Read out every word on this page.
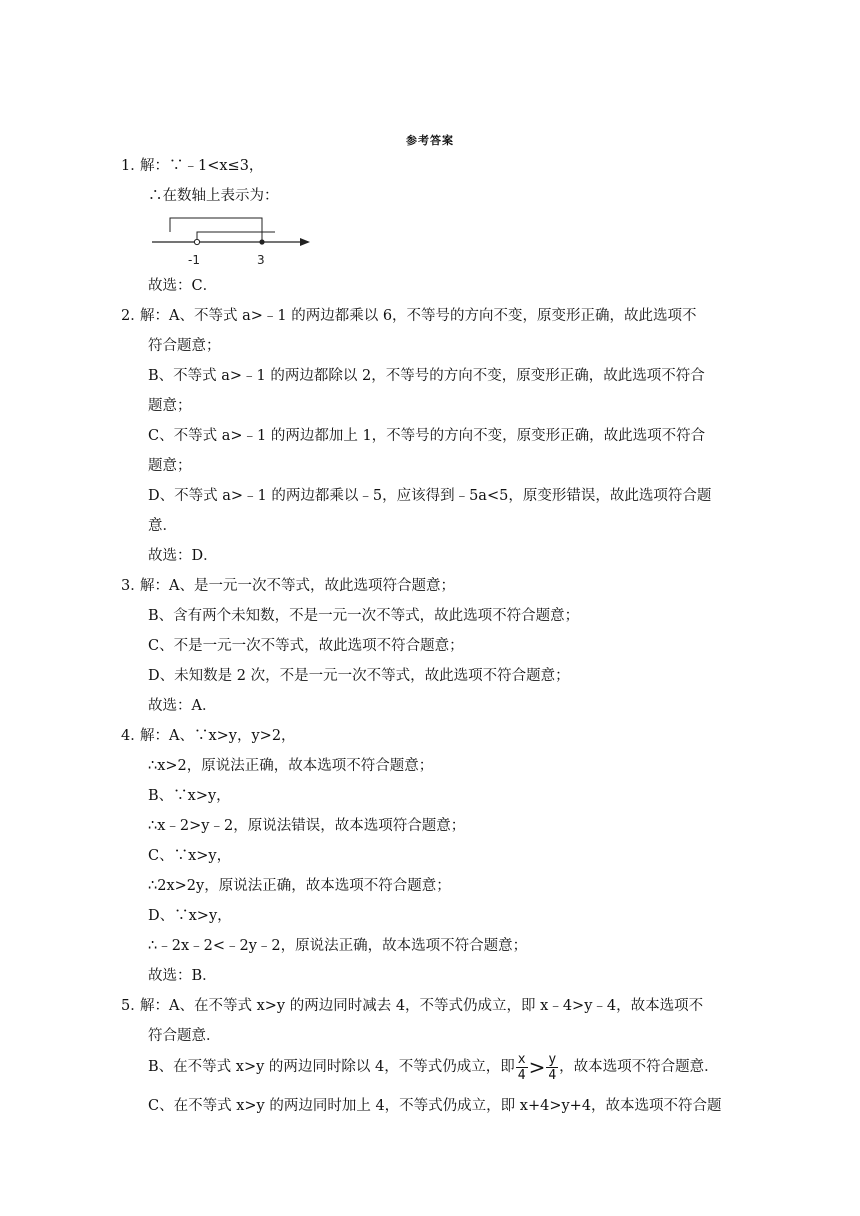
参考答案
1．
解：∵﹣1<x≤3，
∴在数轴上表示为：
-1	3
故选：C．
2．
解：A、不等式 a>﹣1 的两边都乘以 6，不等号的方向不变，原变形正确，故此选项不
符合题意；
B、不等式 a>﹣1 的两边都除以 2，不等号的方向不变，原变形正确，故此选项不符合
题意；
C、不等式 a>﹣1 的两边都加上 1，不等号的方向不变，原变形正确，故此选项不符合
题意；
D、不等式 a>﹣1 的两边都乘以﹣5，应该得到﹣5a<5，原变形错误，故此选项符合题
意．
故选：D．
3．
解：A、是一元一次不等式，故此选项符合题意；
B、含有两个未知数，不是一元一次不等式，故此选项不符合题意；
C、不是一元一次不等式，故此选项不符合题意；
D、未知数是 2 次，不是一元一次不等式，故此选项不符合题意；
故选：A．
4．
解：A、∵x>y，y>2，
∴x>2，原说法正确，故本选项不符合题意；
B、∵x>y，
∴x﹣2>y﹣2，原说法错误，故本选项符合题意；
C、∵x>y，
∴2x>2y，原说法正确，故本选项不符合题意；
D、∵x>y，
∴﹣2x﹣2<﹣2y﹣2，原说法正确，故本选项不符合题意；
故选：B．
5．
解：A、在不等式 x>y 的两边同时减去 4，不等式仍成立，即 x﹣4>y﹣4，故本选项不
符合题意．
B、在不等式 x>y 的两边同时除以 4，不等式仍成立，即 $\frac{x}{4} > \frac{y}{4}$ ，故本选项不符合题意．
C、在不等式 x>y 的两边同时加上 4，不等式仍成立，即 x+4>y+4，故本选项不符合题
